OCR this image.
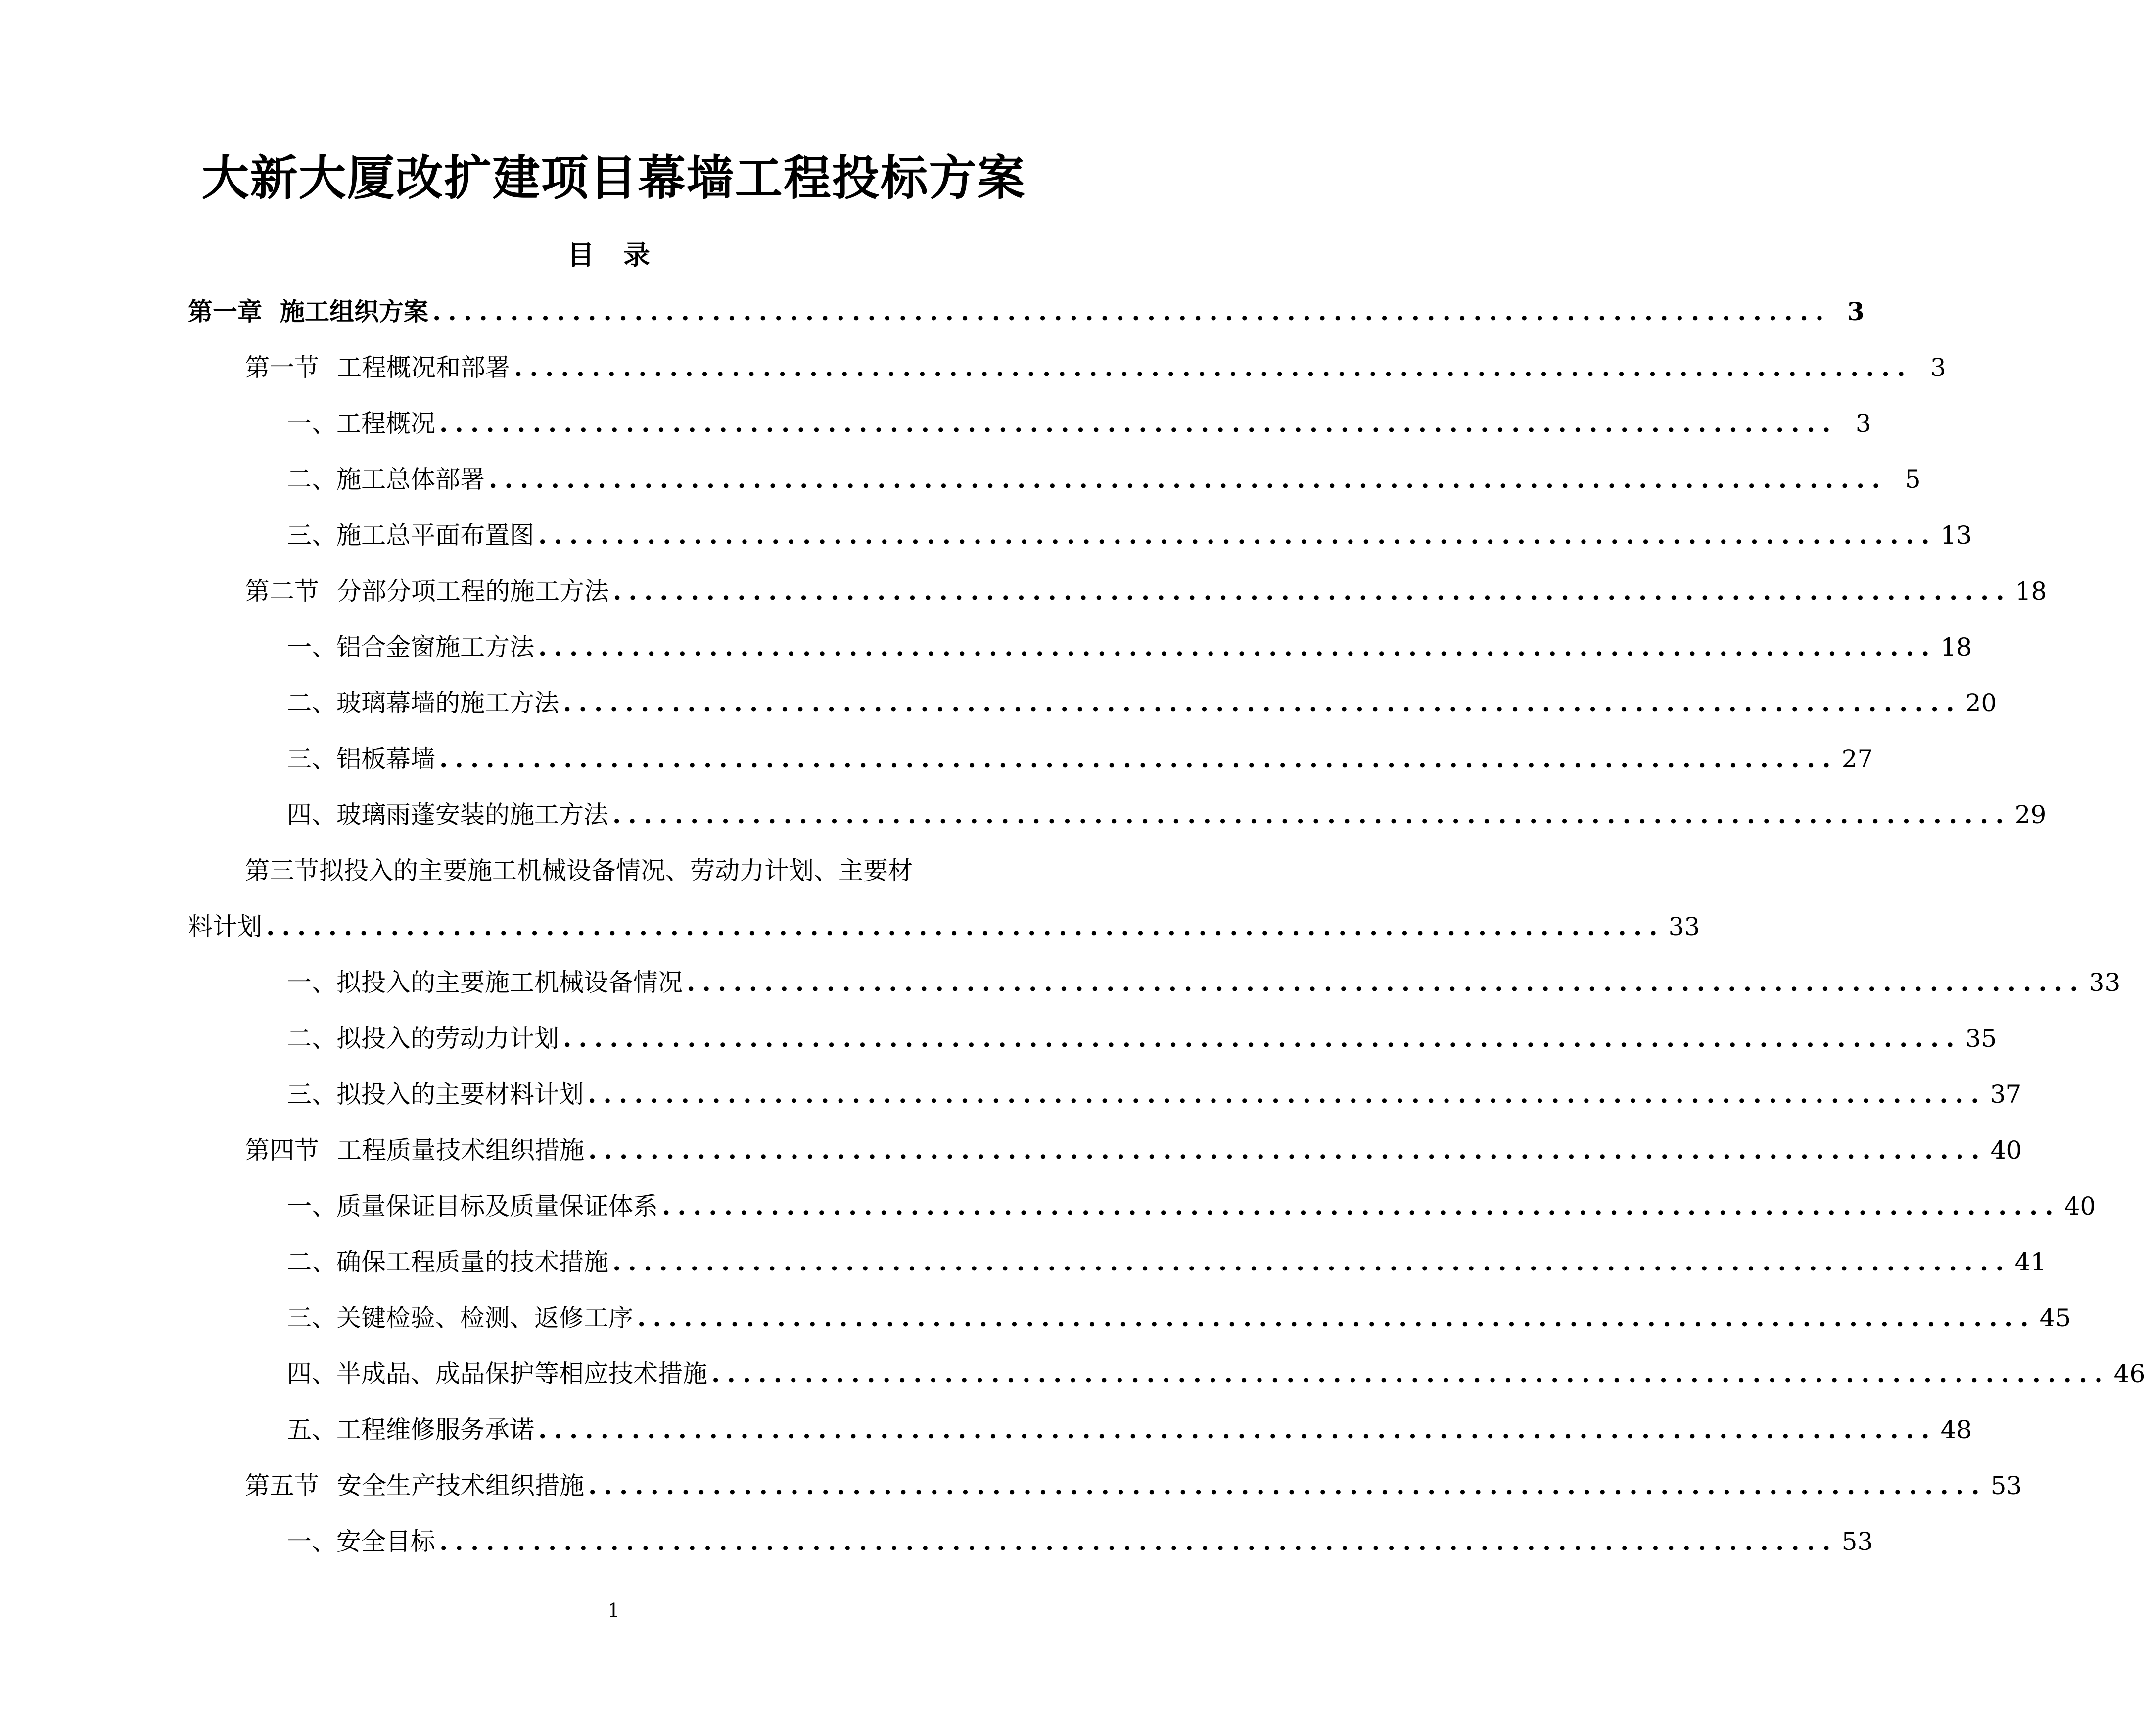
大新大厦改扩建项目幕墙工程投标方案
目 录
第一章 施工组织方案 .......................................................................................... 3
第一节 工程概况和部署 .......................................................................................... 3
一、工程概况 .......................................................................................... 3
二、施工总体部署 .......................................................................................... 5
三、施工总平面布置图 .......................................................................................... 13
第二节 分部分项工程的施工方法 .......................................................................................... 18
一、铝合金窗施工方法 .......................................................................................... 18
二、玻璃幕墙的施工方法 .......................................................................................... 20
三、铝板幕墙 .......................................................................................... 27
四、玻璃雨蓬安装的施工方法 .......................................................................................... 29
第三节拟投入的主要施工机械设备情况、劳动力计划、主要材
料计划 .......................................................................................... 33
一、拟投入的主要施工机械设备情况 .......................................................................................... 33
二、拟投入的劳动力计划 .......................................................................................... 35
三、拟投入的主要材料计划 .......................................................................................... 37
第四节 工程质量技术组织措施 .......................................................................................... 40
一、质量保证目标及质量保证体系 .......................................................................................... 40
二、确保工程质量的技术措施 .......................................................................................... 41
三、关键检验、检测、返修工序 .......................................................................................... 45
四、半成品、成品保护等相应技术措施 .......................................................................................... 46
五、工程维修服务承诺 .......................................................................................... 48
第五节 安全生产技术组织措施 .......................................................................................... 53
一、安全目标 .......................................................................................... 53
1
